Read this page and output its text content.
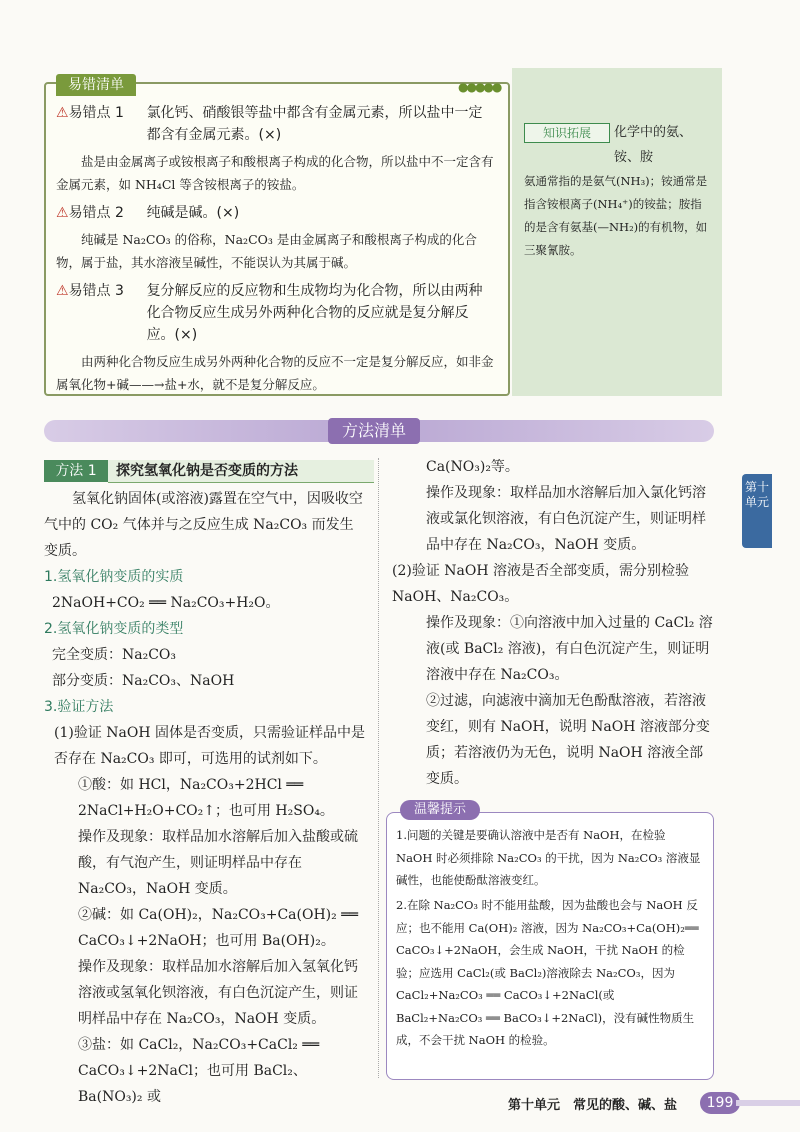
易错清单	●●●●●
⚠ 易错点 1	氯化钙、硝酸银等盐中都含有金属元素，所以盐中一定都含有金属元素。(×)
盐是由金属离子或铵根离子和酸根离子构成的化合物，所以盐中不一定含有金属元素，如 NH₄Cl 等含铵根离子的铵盐。
⚠ 易错点 2	纯碱是碱。(×)
纯碱是 Na₂CO₃ 的俗称，Na₂CO₃ 是由金属离子和酸根离子构成的化合物，属于盐，其水溶液呈碱性，不能误认为其属于碱。
⚠ 易错点 3	复分解反应的反应物和生成物均为化合物，所以由两种化合物反应生成另外两种化合物的反应就是复分解反应。(×)
由两种化合物反应生成另外两种化合物的反应不一定是复分解反应，如非金属氧化物+碱——→盐+水，就不是复分解反应。
知识拓展	化学中的氨、铵、胺
氨通常指的是氨气(NH₃)；铵通常是指含铵根离子(NH₄⁺)的铵盐；胺指的是含有氨基(—NH₂)的有机物，如三聚氰胺。
方法清单
方法 1	探究氢氧化钠是否变质的方法
氢氧化钠固体(或溶液)露置在空气中，因吸收空气中的 CO₂ 气体并与之反应生成 Na₂CO₃ 而发生变质。
1.氢氧化钠变质的实质
2NaOH+CO₂ ══ Na₂CO₃+H₂O。
2.氢氧化钠变质的类型
完全变质：Na₂CO₃
部分变质：Na₂CO₃、NaOH
3.验证方法
(1)验证 NaOH 固体是否变质，只需验证样品中是否存在 Na₂CO₃ 即可，可选用的试剂如下。
①酸：如 HCl，Na₂CO₃+2HCl ══ 2NaCl+H₂O+CO₂↑；也可用 H₂SO₄。
操作及现象：取样品加水溶解后加入盐酸或硫酸，有气泡产生，则证明样品中存在 Na₂CO₃，NaOH 变质。
②碱：如 Ca(OH)₂，Na₂CO₃+Ca(OH)₂ ══ CaCO₃↓+2NaOH；也可用 Ba(OH)₂。
操作及现象：取样品加水溶解后加入氢氧化钙溶液或氢氧化钡溶液，有白色沉淀产生，则证明样品中存在 Na₂CO₃，NaOH 变质。
③盐：如 CaCl₂，Na₂CO₃+CaCl₂ ══ CaCO₃↓+2NaCl；也可用 BaCl₂、Ba(NO₃)₂ 或
Ca(NO₃)₂等。
操作及现象：取样品加水溶解后加入氯化钙溶液或氯化钡溶液，有白色沉淀产生，则证明样品中存在 Na₂CO₃，NaOH 变质。
(2)验证 NaOH 溶液是否全部变质，需分别检验 NaOH、Na₂CO₃。
操作及现象：①向溶液中加入过量的 CaCl₂ 溶液(或 BaCl₂ 溶液)，有白色沉淀产生，则证明溶液中存在 Na₂CO₃。
②过滤，向滤液中滴加无色酚酞溶液，若溶液变红，则有 NaOH，说明 NaOH 溶液部分变质；若溶液仍为无色，说明 NaOH 溶液全部变质。
第十单元
温馨提示
1.问题的关键是要确认溶液中是否有 NaOH，在检验 NaOH 时必须排除 Na₂CO₃ 的干扰，因为 Na₂CO₃ 溶液显碱性，也能使酚酞溶液变红。
2.在除 Na₂CO₃ 时不能用盐酸，因为盐酸也会与 NaOH 反应；也不能用 Ca(OH)₂ 溶液，因为 Na₂CO₃+Ca(OH)₂══ CaCO₃↓+2NaOH，会生成 NaOH，干扰 NaOH 的检验；应选用 CaCl₂(或 BaCl₂)溶液除去 Na₂CO₃，因为 CaCl₂+Na₂CO₃ ══ CaCO₃↓+2NaCl(或 BaCl₂+Na₂CO₃ ══ BaCO₃↓+2NaCl)，没有碱性物质生成，不会干扰 NaOH 的检验。
第十单元　常见的酸、碱、盐	199
